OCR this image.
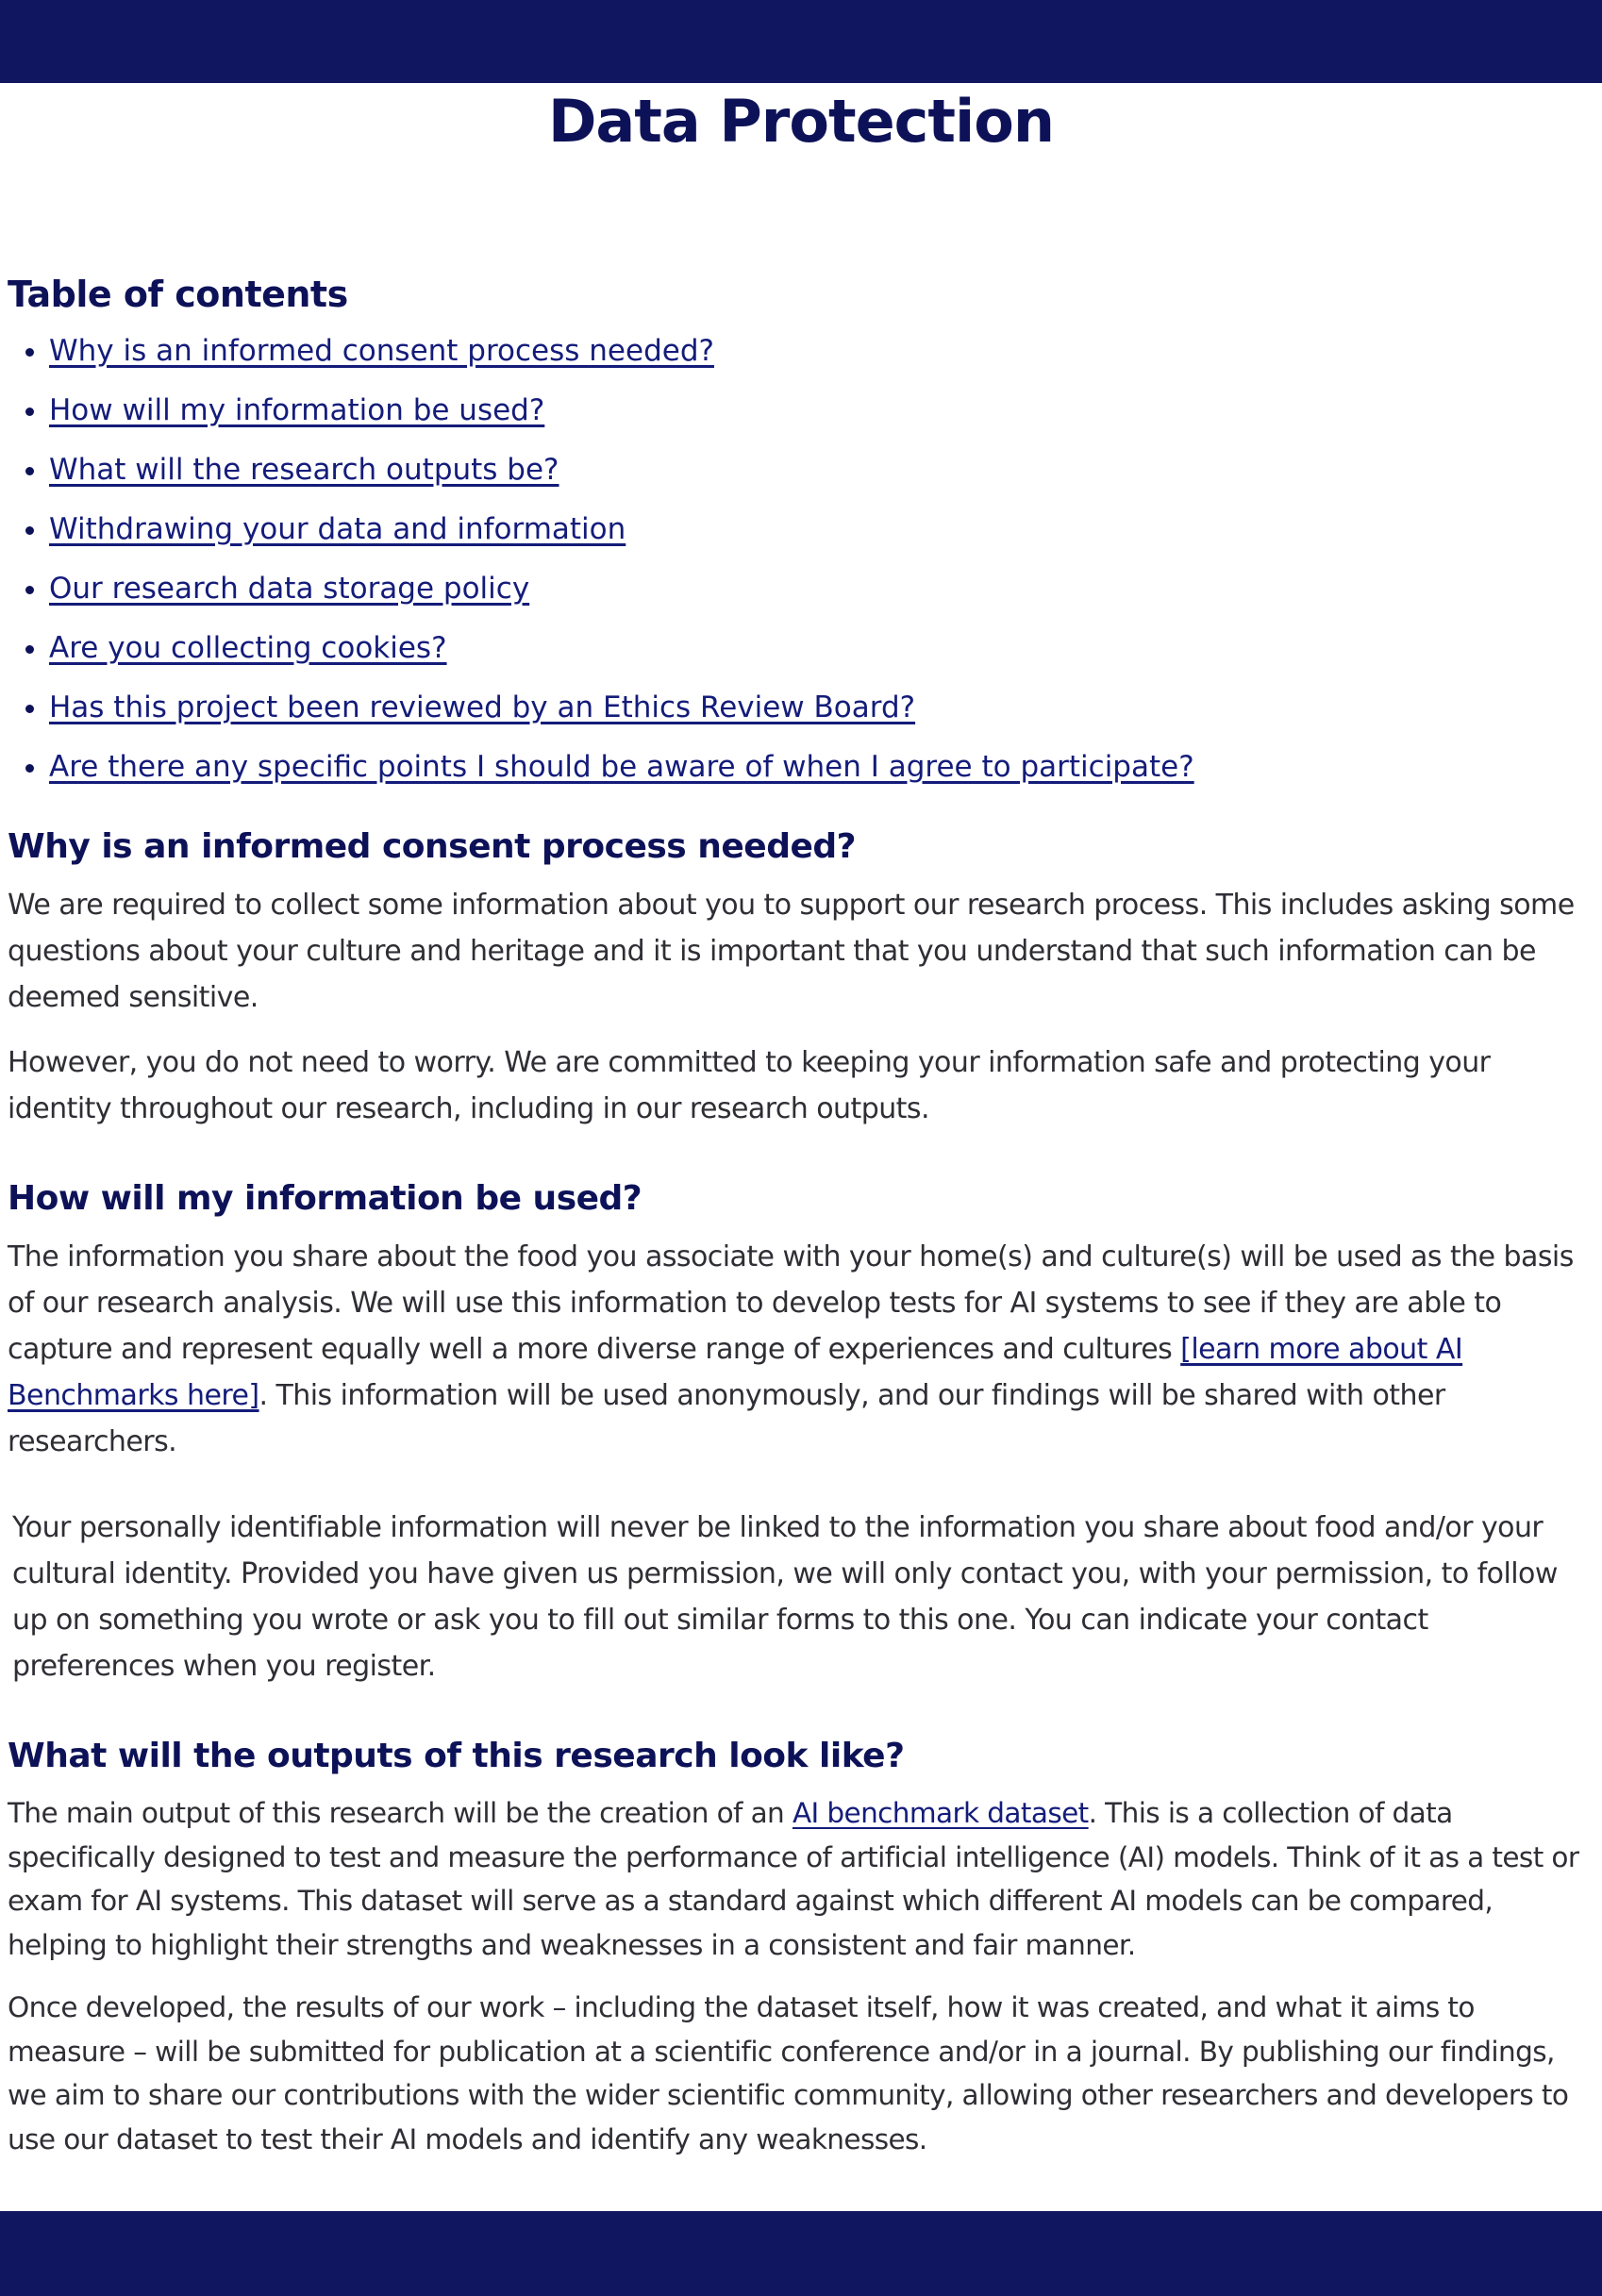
Data Protection
Table of contents
• Why is an informed consent process needed?
• How will my information be used?
• What will the research outputs be?
• Withdrawing your data and information
• Our research data storage policy
• Are you collecting cookies?
• Has this project been reviewed by an Ethics Review Board?
• Are there any specific points I should be aware of when I agree to participate?
Why is an informed consent process needed?

We are required to collect some information about you to support our research process. This includes asking some questions about your culture and heritage and it is important that you understand that such information can be deemed sensitive.

However, you do not need to worry. We are committed to keeping your information safe and protecting your identity throughout our research, including in our research outputs.

How will my information be used?

The information you share about the food you associate with your home(s) and culture(s) will be used as the basis of our research analysis. We will use this information to develop tests for AI systems to see if they are able to capture and represent equally well a more diverse range of experiences and cultures [learn more about AI Benchmarks here]. This information will be used anonymously, and our findings will be shared with other researchers.

Your personally identifiable information will never be linked to the information you share about food and/or your cultural identity. Provided you have given us permission, we will only contact you, with your permission, to follow up on something you wrote or ask you to fill out similar forms to this one. You can indicate your contact preferences when you register.

What will the outputs of this research look like?

The main output of this research will be the creation of an AI benchmark dataset. This is a collection of data specifically designed to test and measure the performance of artificial intelligence (AI) models. Think of it as a test or exam for AI systems. This dataset will serve as a standard against which different AI models can be compared, helping to highlight their strengths and weaknesses in a consistent and fair manner.

Once developed, the results of our work – including the dataset itself, how it was created, and what it aims to measure – will be submitted for publication at a scientific conference and/or in a journal. By publishing our findings, we aim to share our contributions with the wider scientific community, allowing other researchers and developers to use our dataset to test their AI models and identify any weaknesses.
